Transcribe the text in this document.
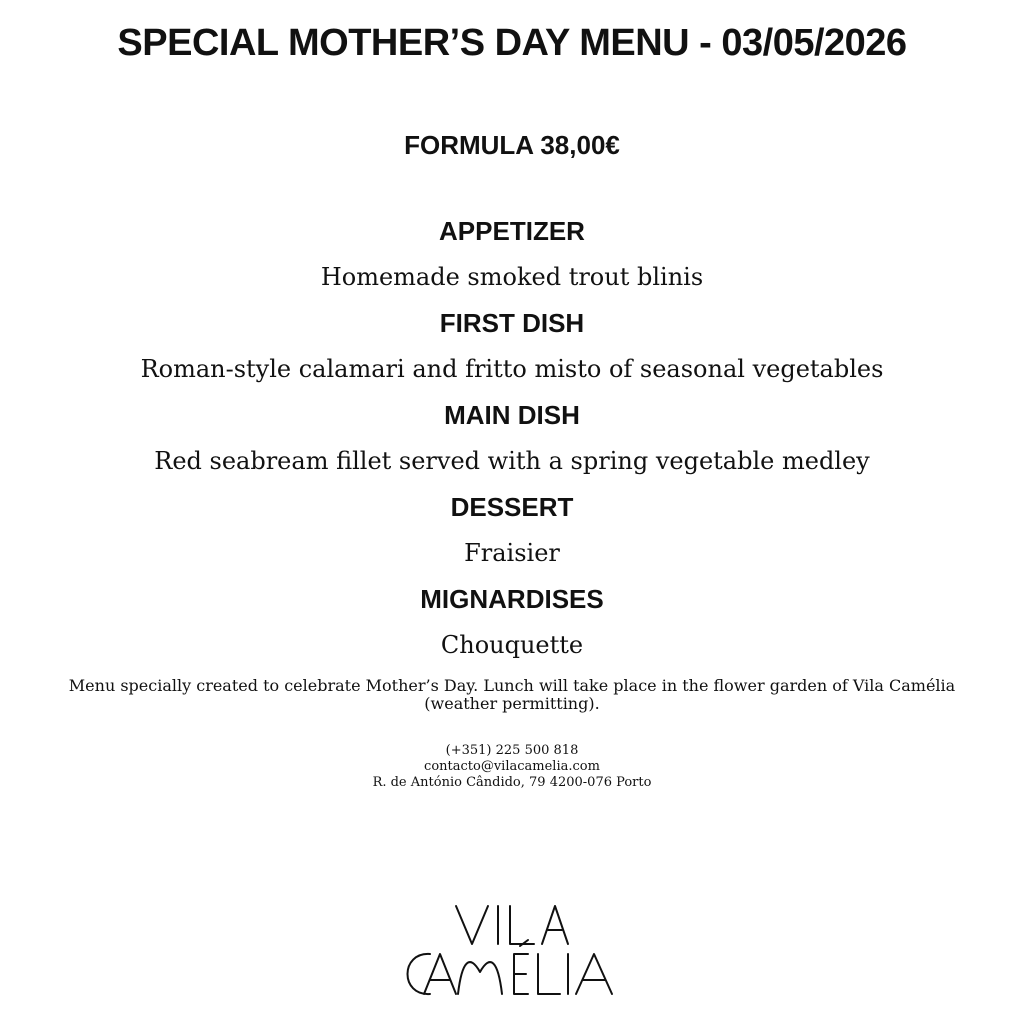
SPECIAL MOTHER’S DAY MENU - 03/05/2026
FORMULA 38,00€
APPETIZER
Homemade smoked trout blinis
FIRST DISH
Roman-style calamari and fritto misto of seasonal vegetables
MAIN DISH
Red seabream fillet served with a spring vegetable medley
DESSERT
Fraisier
MIGNARDISES
Chouquette

Menu specially created to celebrate Mother’s Day. Lunch will take place in the flower garden of Vila Camélia (weather permitting).

(+351) 225 500 818
contacto@vilacamelia.com
R. de António Cândido, 79 4200-076 Porto
